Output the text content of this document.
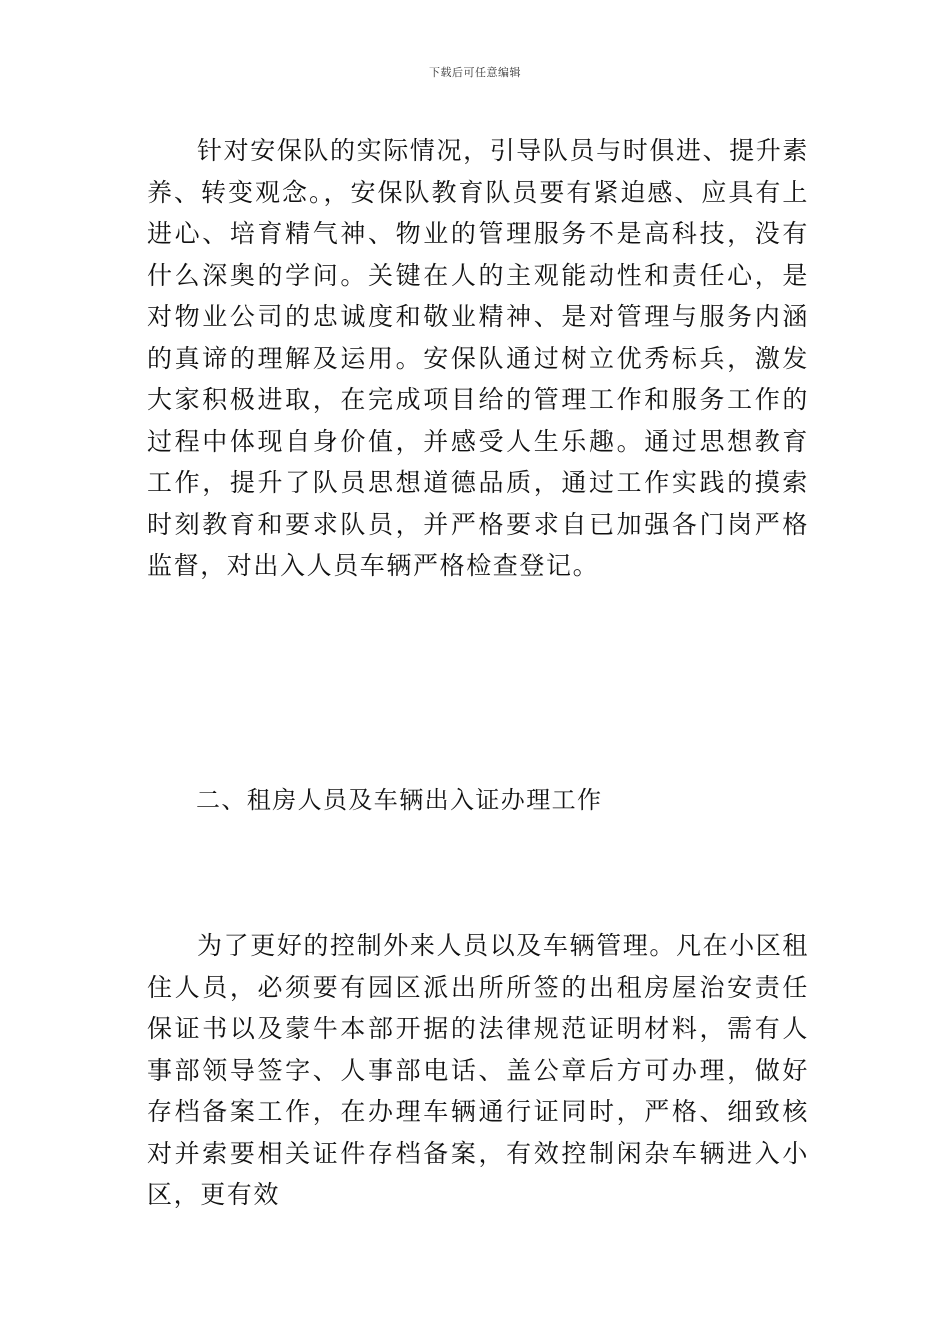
下载后可任意编辑

针对安保队的实际情况，引导队员与时俱进、提升素养、转变观念。，安保队教育队员要有紧迫感、应具有上进心、培育精气神、物业的管理服务不是高科技，没有什么深奥的学问。关键在人的主观能动性和责任心，是对物业公司的忠诚度和敬业精神、是对管理与服务内涵的真谛的理解及运用。安保队通过树立优秀标兵，激发大家积极进取，在完成项目给的管理工作和服务工作的过程中体现自身价值，并感受人生乐趣。通过思想教育工作，提升了队员思想道德品质，通过工作实践的摸索时刻教育和要求队员，并严格要求自已加强各门岗严格监督，对出入人员车辆严格检查登记。

二、租房人员及车辆出入证办理工作

为了更好的控制外来人员以及车辆管理。凡在小区租住人员，必须要有园区派出所所签的出租房屋治安责任保证书以及蒙牛本部开据的法律规范证明材料，需有人事部领导签字、人事部电话、盖公章后方可办理，做好存档备案工作，在办理车辆通行证同时，严格、细致核对并索要相关证件存档备案，有效控制闲杂车辆进入小区，更有效
